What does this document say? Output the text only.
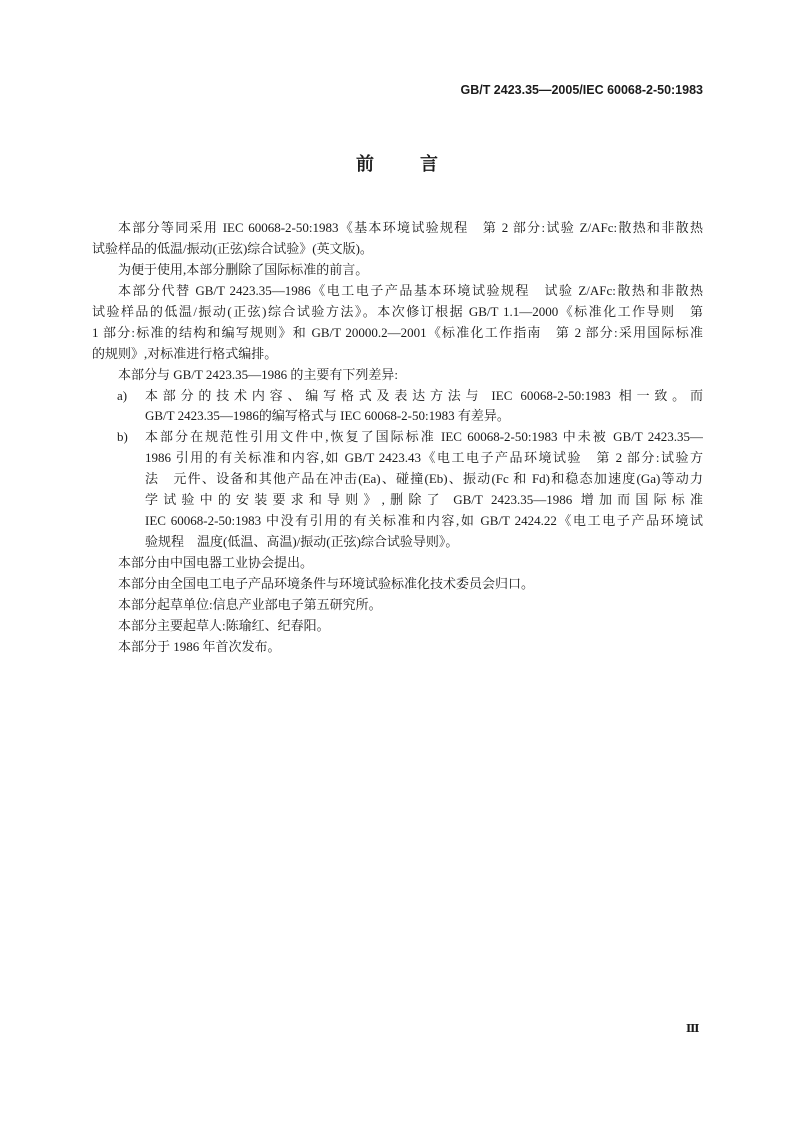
GB/T 2423.35—2005/IEC 60068-2-50:1983
前　言
本部分等同采用 IEC 60068-2-50:1983《基本环境试验规程　第 2 部分:试验 Z/AFc:散热和非散热
试验样品的低温/振动(正弦)综合试验》(英文版)。
为便于使用,本部分删除了国际标准的前言。
本部分代替 GB/T 2423.35—1986《电工电子产品基本环境试验规程　试验 Z/AFc:散热和非散热
试验样品的低温/振动(正弦)综合试验方法》。本次修订根据 GB/T 1.1—2000《标准化工作导则　第
1 部分:标准的结构和编写规则》和 GB/T 20000.2—2001《标准化工作指南　第 2 部分:采用国际标准
的规则》,对标准进行格式编排。
本部分与 GB/T 2423.35—1986 的主要有下列差异:
a) 本部分的技术内容、编写格式及表达方法与 IEC 60068-2-50:1983 相一致。而
GB/T 2423.35—1986的编写格式与 IEC 60068-2-50:1983 有差异。
b) 本部分在规范性引用文件中,恢复了国际标准 IEC 60068-2-50:1983 中未被 GB/T 2423.35—
1986 引用的有关标准和内容,如 GB/T 2423.43《电工电子产品环境试验　第 2 部分:试验方
法　元件、设备和其他产品在冲击(Ea)、碰撞(Eb)、振动(Fc 和 Fd)和稳态加速度(Ga)等动力
学试验中的安装要求和导则》,删除了 GB/T 2423.35—1986 增加而国际标准
IEC 60068-2-50:1983 中没有引用的有关标准和内容,如 GB/T 2424.22《电工电子产品环境试
验规程　温度(低温、高温)/振动(正弦)综合试验导则》。
本部分由中国电器工业协会提出。
本部分由全国电工电子产品环境条件与环境试验标准化技术委员会归口。
本部分起草单位:信息产业部电子第五研究所。
本部分主要起草人:陈瑜红、纪春阳。
本部分于 1986 年首次发布。
Ⅲ
